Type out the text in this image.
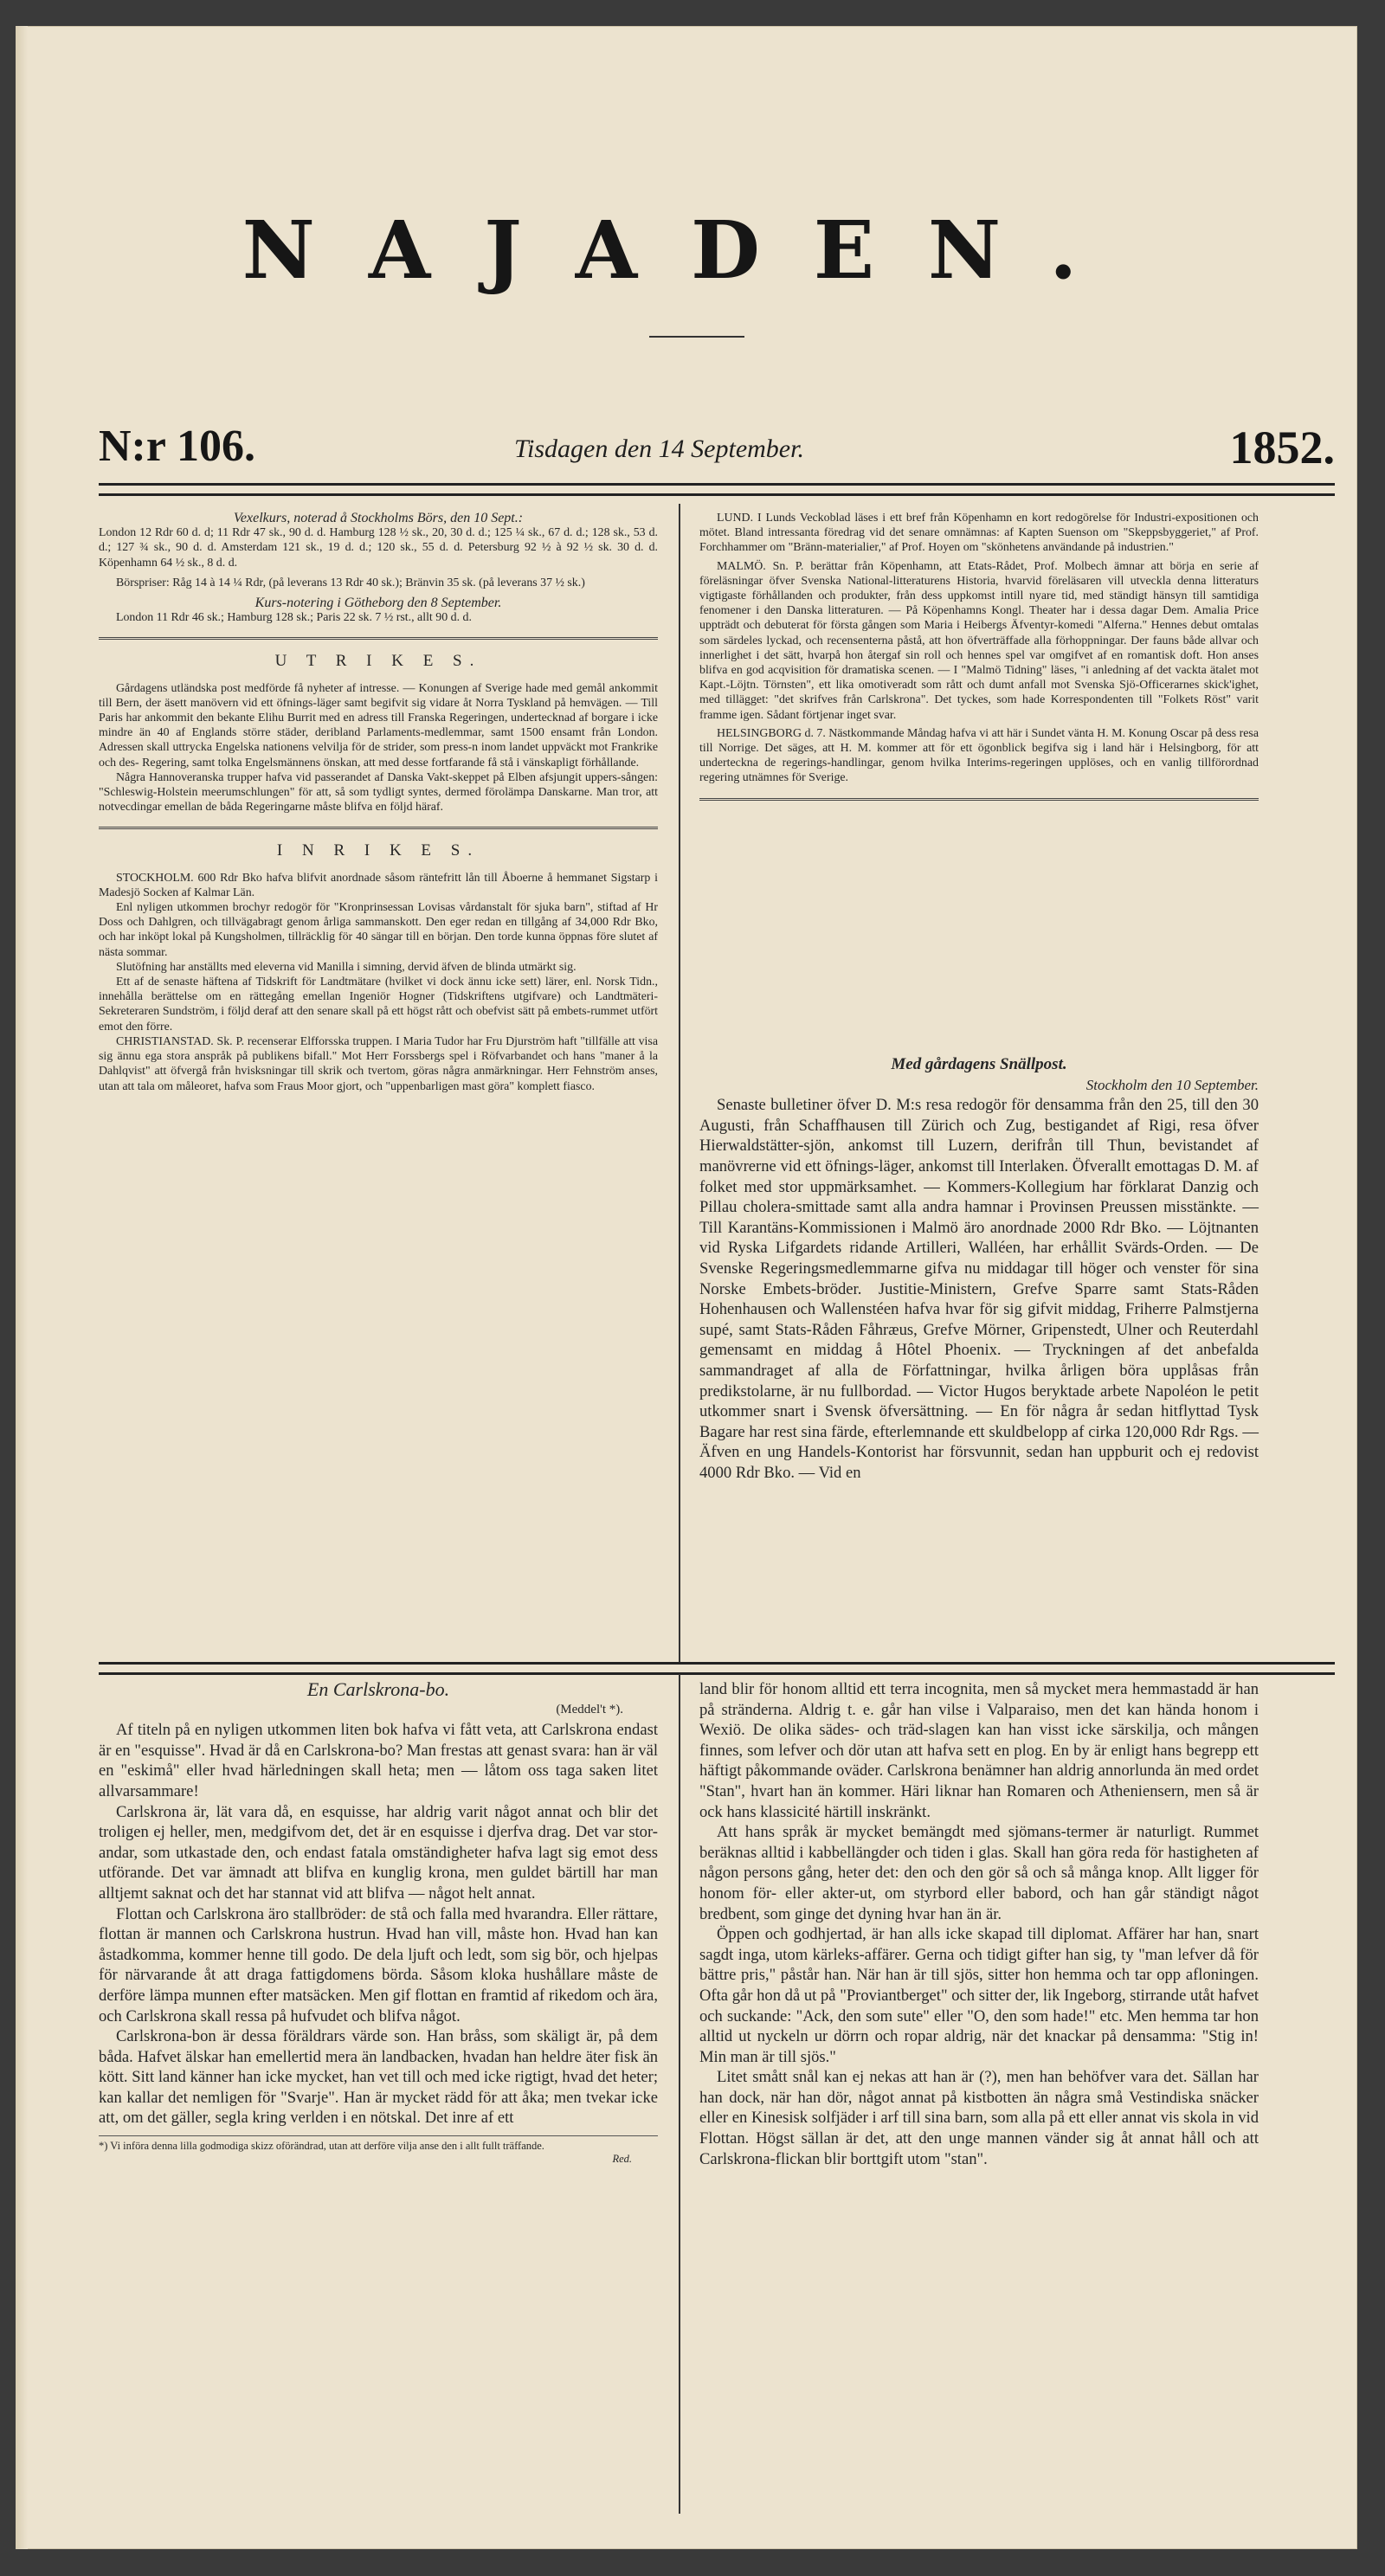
NAJADEN.
N:r 106.	Tisdagen den 14 September.	1852.

Vexelkurs, noterad å Stockholms Börs, den 10 Sept.:

London 12 Rdr 60 d. d; 11 Rdr 47 sk., 90 d. d. Hamburg 128 ½ sk., 20, 30 d. d.; 125 ¼ sk., 67 d. d.; 128 sk., 53 d. d.; 127 ¾ sk., 90 d. d. Amsterdam 121 sk., 19 d. d.; 120 sk., 55 d. d. Petersburg 92 ½ à 92 ½ sk. 30 d. d. Köpenhamn 64 ½ sk., 8 d. d.

Börspriser: Råg 14 à 14 ¼ Rdr, (på leverans 13 Rdr 40 sk.); Bränvin 35 sk. (på leverans 37 ½ sk.)

Kurs-notering i Götheborg den 8 September.

London 11 Rdr 46 sk.; Hamburg 128 sk.; Paris 22 sk. 7 ½ rst., allt 90 d. d.

U T R I K E S.

Gårdagens utländska post medförde få nyheter af intresse. — Konungen af Sverige hade med gemål ankommit till Bern, der äsett manövern vid ett öfnings-läger samt begifvit sig vidare åt Norra Tyskland på hemvägen. — Till Paris har ankommit den bekante Elihu Burrit med en adress till Franska Regeringen, undertecknad af borgare i icke mindre än 40 af Englands större städer, deribland Parlaments-medlemmar, samt 1500 ensamt från London. Adressen skall uttrycka Engelska nationens velvilja för de strider, som press-n inom landet uppväckt mot Frankrike och des- Regering, samt tolka Engelsmännens önskan, att med desse fortfarande få stå i vänskapligt förhållande.

Några Hannoveranska trupper hafva vid passerandet af Danska Vakt-skeppet på Elben afsjungit uppers-sången: "Schleswig-Holstein meerumschlungen" för att, så som tydligt syntes, dermed förolämpa Danskarne. Man tror, att notvecdingar emellan de båda Regeringarne måste blifva en följd häraf.

I N R I K E S.

STOCKHOLM. 600 Rdr Bko hafva blifvit anordnade såsom räntefritt lån till Åboerne å hemmanet Sigstarp i Madesjö Socken af Kalmar Län.

Enl nyligen utkommen brochyr redogör för "Kronprinsessan Lovisas vårdanstalt för sjuka barn", stiftad af Hr Doss och Dahlgren, och tillvägabragt genom årliga sammanskott. Den eger redan en tillgång af 34,000 Rdr Bko, och har inköpt lokal på Kungsholmen, tillräcklig för 40 sängar till en början. Den torde kunna öppnas före slutet af nästa sommar.

Slutöfning har anställts med eleverna vid Manilla i simning, dervid äfven de blinda utmärkt sig.

Ett af de senaste häftena af Tidskrift för Landtmätare (hvilket vi dock ännu icke sett) lärer, enl. Norsk Tidn., innehålla berättelse om en rättegång emellan Ingeniör Hogner (Tidskriftens utgifvare) och Landtmäteri-Sekreteraren Sundström, i följd deraf att den senare skall på ett högst rått och obefvist sätt på embets-rummet utfört emot den förre.

CHRISTIANSTAD. Sk. P. recenserar Elfforsska truppen. I Maria Tudor har Fru Djurström haft "tillfälle att visa sig ännu ega stora anspråk på publikens bifall." Mot Herr Forssbergs spel i Röfvarbandet och hans "maner å la Dahlqvist" att öfvergå från hvisksningar till skrik och tvertom, göras några anmärkningar. Herr Fehnström anses, utan att tala om måleoret, hafva som Fraus Moor gjort, och "uppenbarligen mast göra" komplett fiasco.

LUND. I Lunds Veckoblad läses i ett bref från Köpenhamn en kort redogörelse för Industri-expositionen och mötet. Bland intressanta föredrag vid det senare omnämnas: af Kapten Suenson om "Skeppsbyggeriet," af Prof. Forchhammer om "Bränn-materialier," af Prof. Hoyen om "skönhetens användande på industrien."

MALMÖ. Sn. P. berättar från Köpenhamn, att Etats-Rådet, Prof. Molbech ämnar att börja en serie af föreläsningar öfver Svenska National-litteraturens Historia, hvarvid föreläsaren vill utveckla denna litteraturs vigtigaste förhållanden och produkter, från dess uppkomst intill nyare tid, med ständigt hänsyn till samtidiga fenomener i den Danska litteraturen. — På Köpenhamns Kongl. Theater har i dessa dagar Dem. Amalia Price uppträdt och debuterat för första gången som Maria i Heibergs Äfventyr-komedi "Alferna." Hennes debut omtalas som särdeles lyckad, och recensenterna påstå, att hon öfverträffade alla förhoppningar. Der fauns både allvar och innerlighet i det sätt, hvarpå hon återgaf sin roll och hennes spel var omgifvet af en romantisk doft. Hon anses blifva en god acqvisition för dramatiska scenen. — I "Malmö Tidning" läses, "i anledning af det vackta ätalet mot Kapt.-Löjtn. Törnsten", ett lika omotiveradt som rått och dumt anfall mot Svenska Sjö-Officerarnes skick'ighet, med tillägget: "det skrifves från Carlskrona". Det tyckes, som hade Korrespondenten till "Folkets Röst" varit framme igen. Sådant förtjenar inget svar.

HELSINGBORG d. 7. Nästkommande Måndag hafva vi att här i Sundet vänta H. M. Konung Oscar på dess resa till Norrige. Det säges, att H. M. kommer att för ett ögonblick begifva sig i land här i Helsingborg, för att underteckna de regerings-handlingar, genom hvilka Interims-regeringen upplöses, och en vanlig tillförordnad regering utnämnes för Sverige.

Med gårdagens Snällpost.

Stockholm den 10 September.

Senaste bulletiner öfver D. M:s resa redogör för densamma från den 25, till den 30 Augusti, från Schaffhausen till Zürich och Zug, bestigandet af Rigi, resa öfver Hierwaldstätter-sjön, ankomst till Luzern, derifrån till Thun, bevistandet af manövrerne vid ett öfnings-läger, ankomst till Interlaken. Öfverallt emottagas D. M. af folket med stor uppmärksamhet. — Kommers-Kollegium har förklarat Danzig och Pillau cholera-smittade samt alla andra hamnar i Provinsen Preussen misstänkte. — Till Karantäns-Kommissionen i Malmö äro anordnade 2000 Rdr Bko. — Löjtnanten vid Ryska Lifgardets ridande Artilleri, Walléen, har erhållit Svärds-Orden. — De Svenske Regeringsmedlemmarne gifva nu middagar till höger och venster för sina Norske Embets-bröder. Justitie-Ministern, Grefve Sparre samt Stats-Råden Hohenhausen och Wallenstéen hafva hvar för sig gifvit middag, Friherre Palmstjerna supé, samt Stats-Råden Fåhræus, Grefve Mörner, Gripenstedt, Ulner och Reuterdahl gemensamt en middag å Hôtel Phoenix. — Tryckningen af det anbefalda sammandraget af alla de Författningar, hvilka årligen böra upplåsas från predikstolarne, är nu fullbordad. — Victor Hugos beryktade arbete Napoléon le petit utkommer snart i Svensk öfversättning. — En för några år sedan hitflyttad Tysk Bagare har rest sina färde, efterlemnande ett skuldbelopp af cirka 120,000 Rdr Rgs. — Äfven en ung Handels-Kontorist har försvunnit, sedan han uppburit och ej redovist 4000 Rdr Bko. — Vid en

En Carlskrona-bo.

(Meddel't *).

Af titeln på en nyligen utkommen liten bok hafva vi fått veta, att Carlskrona endast är en "esquisse". Hvad är då en Carlskrona-bo? Man frestas att genast svara: han är väl en "eskimå" eller hvad härledningen skall heta; men — låtom oss taga saken litet allvarsammare!

Carlskrona är, lät vara då, en esquisse, har aldrig varit något annat och blir det troligen ej heller, men, medgifvom det, det är en esquisse i djerfva drag. Det var stor-andar, som utkastade den, och endast fatala omständigheter hafva lagt sig emot dess utförande. Det var ämnadt att blifva en kunglig krona, men guldet bärtill har man alltjemt saknat och det har stannat vid att blifva — något helt annat.

Flottan och Carlskrona äro stallbröder: de stå och falla med hvarandra. Eller rättare, flottan är mannen och Carlskrona hustrun. Hvad han vill, måste hon. Hvad han kan åstadkomma, kommer henne till godo. De dela ljuft och ledt, som sig bör, och hjelpas för närvarande åt att draga fattigdomens börda. Såsom kloka hushållare måste de derföre lämpa munnen efter matsäcken. Men gif flottan en framtid af rikedom och ära, och Carlskrona skall ressa på hufvudet och blifva något.

Carlskrona-bon är dessa föräldrars värde son. Han bråss, som skäligt är, på dem båda. Hafvet älskar han emellertid mera än landbacken, hvadan han heldre äter fisk än kött. Sitt land känner han icke mycket, han vet till och med icke rigtigt, hvad det heter; kan kallar det nemligen för "Svarje". Han är mycket rädd för att åka; men tvekar icke att, om det gäller, segla kring verlden i en nötskal. Det inre af ett

*) Vi införa denna lilla godmodiga skizz oförändrad, utan att derföre vilja anse den i allt fullt träffande.

Red.

land blir för honom alltid ett terra incognita, men så mycket mera hemmastadd är han på stränderna. Aldrig t. e. går han vilse i Valparaiso, men det kan hända honom i Wexiö. De olika sädes- och träd-slagen kan han visst icke särskilja, och mången finnes, som lefver och dör utan att hafva sett en plog. En by är enligt hans begrepp ett häftigt påkommande oväder. Carlskrona benämner han aldrig annorlunda än med ordet "Stan", hvart han än kommer. Häri liknar han Romaren och Atheniensern, men så är ock hans klassicité härtill inskränkt.

Att hans språk är mycket bemängdt med sjömans-termer är naturligt. Rummet beräknas alltid i kabbellängder och tiden i glas. Skall han göra reda för hastigheten af någon persons gång, heter det: den och den gör så och så många knop. Allt ligger för honom för- eller akter-ut, om styrbord eller babord, och han går ständigt något bredbent, som ginge det dyning hvar han än är.

Öppen och godhjertad, är han alls icke skapad till diplomat. Affärer har han, snart sagdt inga, utom kärleks-affärer. Gerna och tidigt gifter han sig, ty "man lefver då för bättre pris," påstår han. När han är till sjös, sitter hon hemma och tar opp afloningen. Ofta går hon då ut på "Proviantberget" och sitter der, lik Ingeborg, stirrande utåt hafvet och suckande: "Ack, den som sute" eller "O, den som hade!" etc. Men hemma tar hon alltid ut nyckeln ur dörrn och ropar aldrig, när det knackar på densamma: "Stig in! Min man är till sjös."

Litet smått snål kan ej nekas att han är (?), men han behöfver vara det. Sällan har han dock, när han dör, något annat på kistbotten än några små Vestindiska snäcker eller en Kinesisk solfjäder i arf till sina barn, som alla på ett eller annat vis skola in vid Flottan. Högst sällan är det, att den unge mannen vänder sig åt annat håll och att Carlskrona-flickan blir borttgift utom "stan".
